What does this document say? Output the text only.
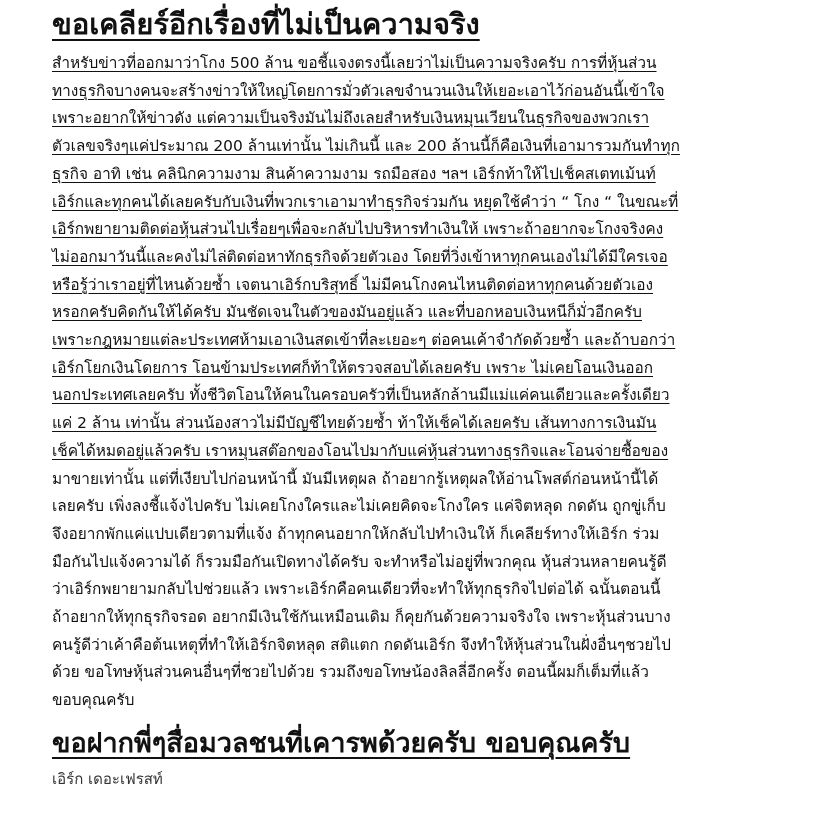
ขอเคลียร์อีกเรื่องที่ไม่เป็นความจริง
สำหรับข่าวที่ออกมาว่าโกง 500 ล้าน ขอชี้แจงตรงนี้เลยว่าไม่เป็นความจริงครับ การที่หุ้นส่วน
ทางธุรกิจบางคนจะสร้างข่าวให้ใหญ่โดยการมั่วตัวเลขจำนวนเงินให้เยอะเอาไว้ก่อนอันนี้เข้าใจ
เพราะอยากให้ข่าวดัง แต่ความเป็นจริงมันไม่ถึงเลยสำหรับเงินหมุนเวียนในธุรกิจของพวกเรา
ตัวเลขจริงๆแค่ประมาณ 200 ล้านเท่านั้น ไม่เกินนี้ และ 200 ล้านนี้ก็คือเงินที่เอามารวมกันทำทุก
ธุรกิจ อาทิ เช่น คลินิกความงาม สินค้าความงาม รถมือสอง ฯลฯ เอิร์กท้าให้ไปเช็คสเตทเม้นท์
เอิร์กและทุกคนได้เลยครับกับเงินที่พวกเราเอามาทำธุรกิจร่วมกัน หยุดใช้คำว่า “ โกง “ ในขณะที่
เอิร์กพยายามติดต่อหุ้นส่วนไปเรื่อยๆเพื่อจะกลับไปบริหารทำเงินให้ เพราะถ้าอยากจะโกงจริงคง
ไม่ออกมาวันนี้และคงไม่ไล่ติดต่อหาทักธุรกิจด้วยตัวเอง โดยที่วิ่งเข้าหาทุกคนเองไม่ได้มีใครเจอ
หรือรู้ว่าเราอยู่ที่ไหนด้วยซ้ำ เจตนาเอิร์กบริสุทธิ์ ไม่มีคนโกงคนไหนติดต่อหาทุกคนด้วยตัวเอง
หรอกครับคิดกันให้ได้ครับ มันชัดเจนในตัวของมันอยู่แล้ว และที่บอกหอบเงินหนีก็มั่วอีกครับ
เพราะกฎหมายแต่ละประเทศห้ามเอาเงินสดเข้าที่ละเยอะๆ ต่อคนเค้าจำกัดด้วยซ้ำ และถ้าบอกว่า
เอิร์กโยกเงินโดยการ โอนข้ามประเทศก็ท้าให้ตรวจสอบได้เลยครับ เพราะ ไม่เคยโอนเงินออก
นอกประเทศเลยครับ ทั้งชีวิตโอนให้คนในครอบครัวที่เป็นหลักล้านมีแม่แค่คนเดียวและครั้งเดียว
แค่ 2 ล้าน เท่านั้น ส่วนน้องสาวไม่มีบัญชีไทยด้วยซ้ำ ท้าให้เช็คได้เลยครับ เส้นทางการเงินมัน
เช็คได้หมดอยู่แล้วครับ เราหมุนสต๊อกของโอนไปมากับแค่หุ้นส่วนทางธุรกิจและโอนจ่ายซื้อของ
มาขายเท่านั้น แต่ที่เงียบไปก่อนหน้านี้ มันมีเหตุผล ถ้าอยากรู้เหตุผลให้อ่านโพสต์ก่อนหน้านี้ได้
เลยครับ เพิ่งลงชี้แจ้งไปครับ ไม่เคยโกงใครและไม่เคยคิดจะโกงใคร แค่จิตหลุด กดดัน ถูกขู่เก็บ
จึงอยากพักแค่แปบเดียวตามที่แจ้ง ถ้าทุกคนอยากให้กลับไปทำเงินให้ ก็เคลียร์ทางให้เอิร์ก ร่วม
มือกันไปแจ้งความได้ ก็รวมมือกันเปิดทางได้ครับ จะทำหรือไม่อยู่ที่พวกคุณ หุ้นส่วนหลายคนรู้ดี
ว่าเอิร์กพยายามกลับไปช่วยแล้ว เพราะเอิร์กคือคนเดียวที่จะทำให้ทุกธุรกิจไปต่อได้ ฉนั้นตอนนี้
ถ้าอยากให้ทุกธุรกิจรอด อยากมีเงินใช้กันเหมือนเดิม ก็คุยกันด้วยความจริงใจ เพราะหุ้นส่วนบาง
คนรู้ดีว่าเค้าคือต้นเหตุที่ทำให้เอิร์กจิตหลุด สติแตก กดดันเอิร์ก จึงทำให้หุ้นส่วนในฝั่งอื่นๆชวยไป
ด้วย ขอโทษหุ้นส่วนคนอื่นๆที่ชวยไปด้วย รวมถึงขอโทษน้องลิลลี่อีกครั้ง ตอนนี้ผมก็เต็มที่แล้ว
ขอบคุณครับ
ขอฝากพี่ๆสื่อมวลชนที่เคารพด้วยครับ ขอบคุณครับ
เอิร์ก เดอะเฟรสท์
